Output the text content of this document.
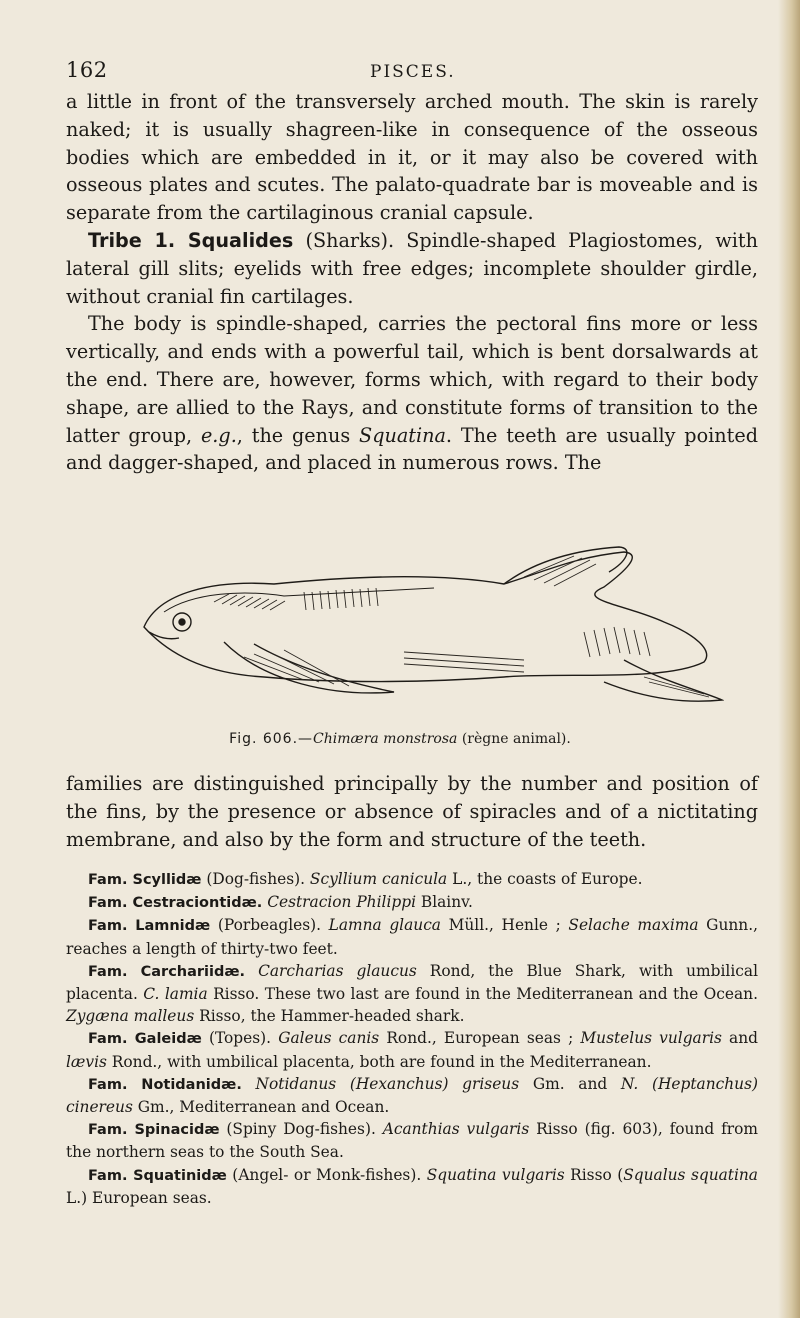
162	PISCES.

a little in front of the transversely arched mouth. The skin is rarely naked; it is usually shagreen-like in consequence of the osseous bodies which are embedded in it, or it may also be covered with osseous plates and scutes. The palato-quadrate bar is moveable and is separate from the cartilaginous cranial capsule.

Tribe 1. Squalides (Sharks). Spindle-shaped Plagiostomes, with lateral gill slits; eyelids with free edges; incomplete shoulder girdle, without cranial fin cartilages.

The body is spindle-shaped, carries the pectoral fins more or less vertically, and ends with a powerful tail, which is bent dorsalwards at the end. There are, however, forms which, with regard to their body shape, are allied to the Rays, and constitute forms of transition to the latter group, e.g., the genus Squatina. The teeth are usually pointed and dagger-shaped, and placed in numerous rows. The

Fig. 606.—Chimæra monstrosa (règne animal).

families are distinguished principally by the number and position of the fins, by the presence or absence of spiracles and of a nictitating membrane, and also by the form and structure of the teeth.

Fam. Scyllidæ (Dog-fishes). Scyllium canicula L., the coasts of Europe.

Fam. Cestraciontidæ. Cestracion Philippi Blainv.

Fam. Lamnidæ (Porbeagles). Lamna glauca Müll., Henle ; Selache maxima Gunn., reaches a length of thirty-two feet.

Fam. Carchariidæ. Carcharias glaucus Rond, the Blue Shark, with umbilical placenta. C. lamia Risso. These two last are found in the Mediterranean and the Ocean. Zygæna malleus Risso, the Hammer-headed shark.

Fam. Galeidæ (Topes). Galeus canis Rond., European seas ; Mustelus vulgaris and lævis Rond., with umbilical placenta, both are found in the Mediterranean.

Fam. Notidanidæ. Notidanus (Hexanchus) griseus Gm. and N. (Heptanchus) cinereus Gm., Mediterranean and Ocean.

Fam. Spinacidæ (Spiny Dog-fishes). Acanthias vulgaris Risso (fig. 603), found from the northern seas to the South Sea.

Fam. Squatinidæ (Angel- or Monk-fishes). Squatina vulgaris Risso (Squalus squatina L.) European seas.
